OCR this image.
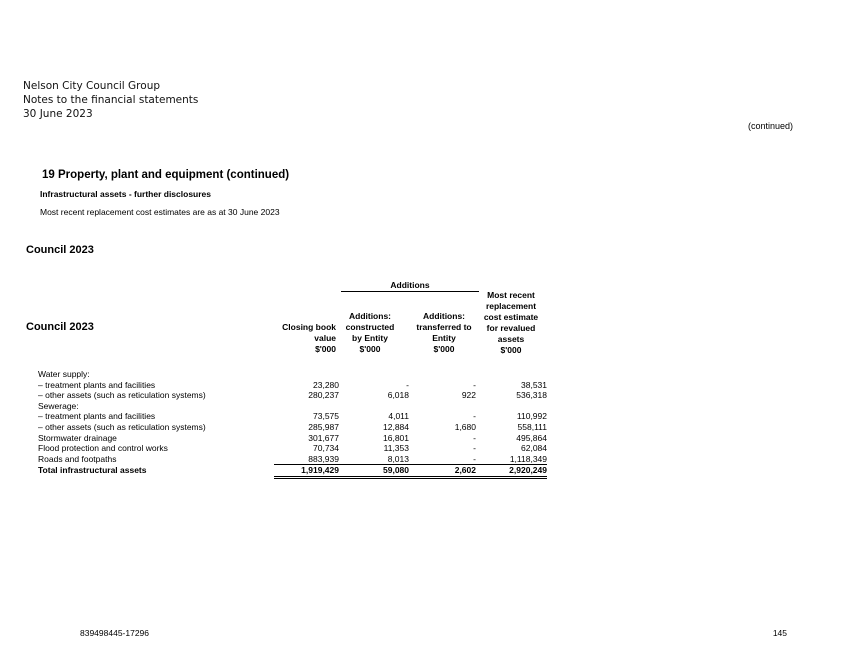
Nelson City Council Group
Notes to the financial statements
30 June 2023
(continued)
19 Property, plant and equipment (continued)
Infrastructural assets - further disclosures
Most recent replacement cost estimates are as at 30 June 2023
Council 2023
Additions
Closing book
value
$'000
Additions:
constructed
by Entity
$'000
Additions:
transferred to
Entity
$'000
Most recent
replacement
cost estimate
for revalued
assets
$'000
Council 2023
Water supply:				
– treatment plants and facilities	23,280	-	-	38,531
– other assets (such as reticulation systems)	280,237	6,018	922	536,318
Sewerage:				
– treatment plants and facilities	73,575	4,011	-	110,992
– other assets (such as reticulation systems)	285,987	12,884	1,680	558,111
Stormwater drainage	301,677	16,801	-	495,864
Flood protection and control works	70,734	11,353	-	62,084
Roads and footpaths	883,939	8,013	-	1,118,349

Total infrastructural assets	1,919,429	59,080	2,602	2,920,249
839498445-17296	145
